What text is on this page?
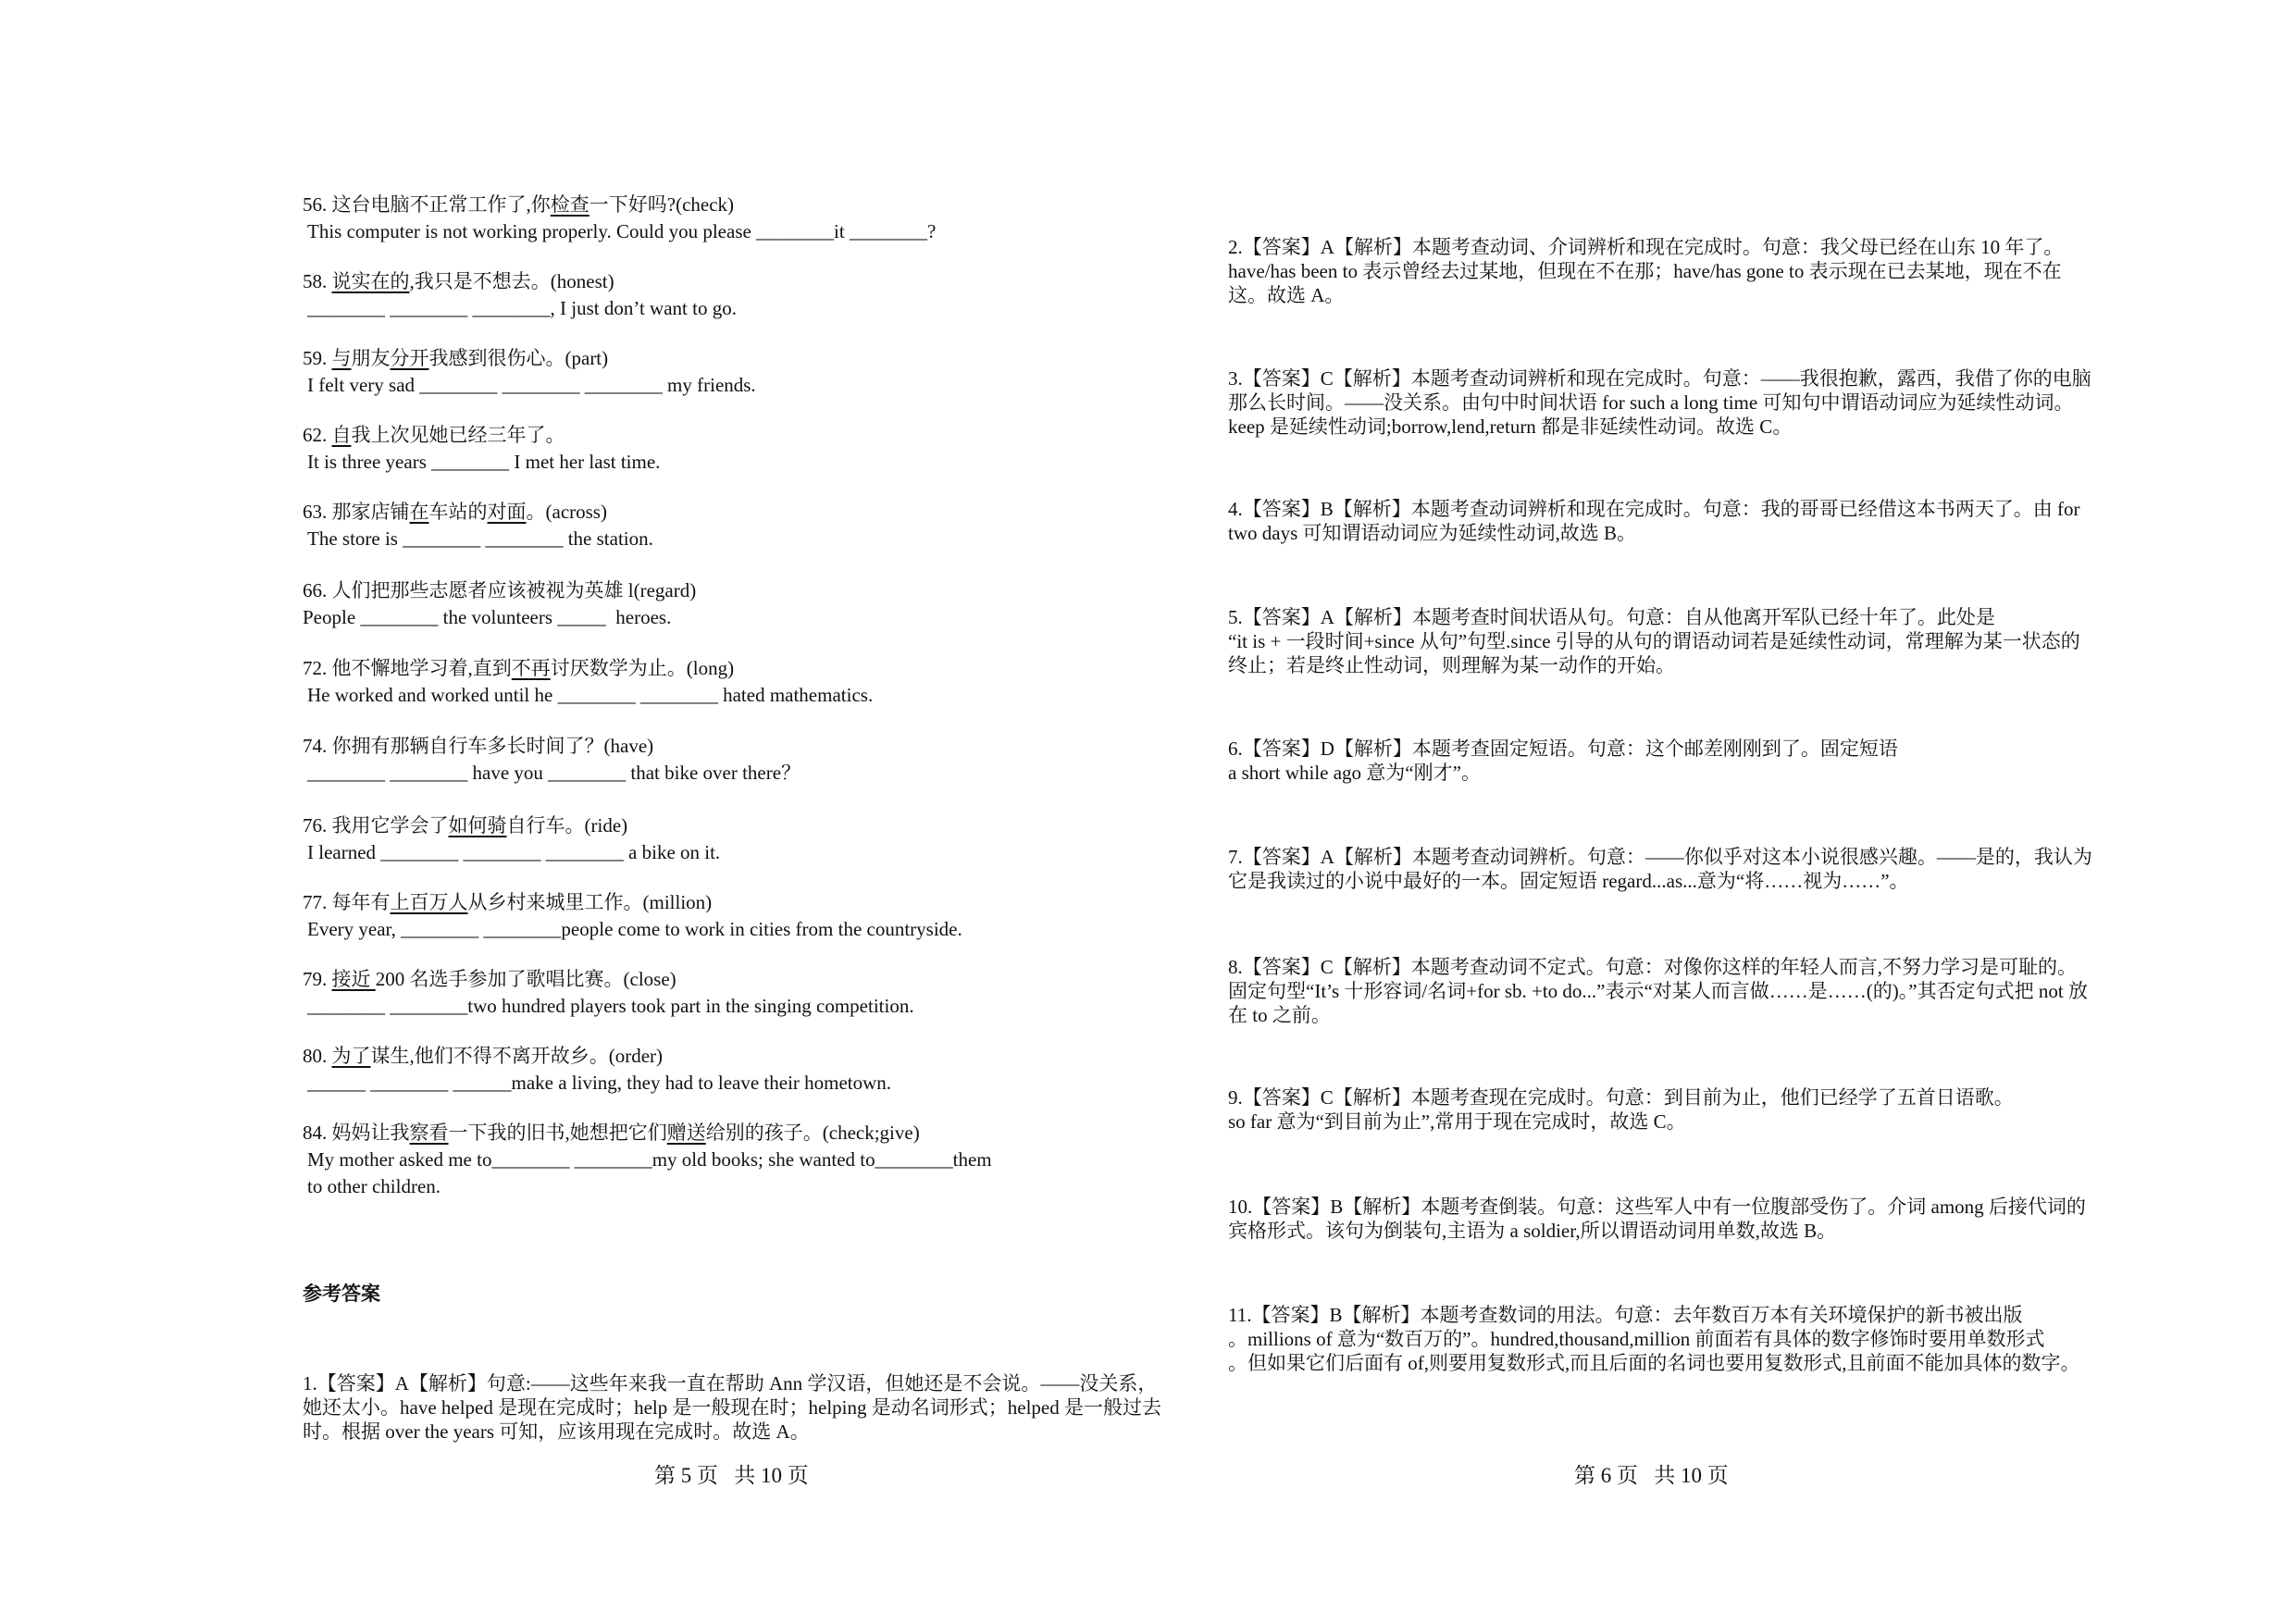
56. 这台电脑不正常工作了,你检查一下好吗?(check)
This computer is not working properly. Could you please ________it ________?
58. 说实在的,我只是不想去。(honest)
________ ________ ________, I just don’t want to go.
59. 与朋友分开我感到很伤心。(part)
I felt very sad ________ ________ ________ my friends.
62. 自我上次见她已经三年了。
It is three years ________ I met her last time.
63. 那家店铺在车站的对面。(across)
The store is ________ ________ the station.
66. 人们把那些志愿者应该被视为英雄 l(regard)
People ________ the volunteers _____  heroes.
72. 他不懈地学习着,直到不再讨厌数学为止。(long)
He worked and worked until he ________ ________ hated mathematics.
74. 你拥有那辆自行车多长时间了？(have)
________ ________ have you ________ that bike over there？
76. 我用它学会了如何骑自行车。(ride)
I learned ________ ________ ________ a bike on it.
77. 每年有上百万人从乡村来城里工作。(million)
Every year, ________ ________people come to work in cities from the countryside.
79. 接近 200 名选手参加了歌唱比赛。(close)
________ ________two hundred players took part in the singing competition.
80. 为了谋生,他们不得不离开故乡。(order)
______ ________ ______make a living, they had to leave their hometown.
84. 妈妈让我察看一下我的旧书,她想把它们赠送给别的孩子。(check;give)
My mother asked me to________ ________my old books; she wanted to________them
to other children.
参考答案
1.【答案】A【解析】句意:——这些年来我一直在帮助 Ann 学汉语，但她还是不会说。——没关系，她还太小。have helped 是现在完成时；help 是一般现在时；helping 是动名词形式；helped 是一般过去时。根据 over the years 可知，应该用现在完成时。故选 A。
第 5 页   共 10 页
2.【答案】A【解析】本题考查动词、介词辨析和现在完成时。句意：我父母已经在山东 10 年了。have/has been to 表示曾经去过某地，但现在不在那；have/has gone to 表示现在已去某地，现在不在这。故选 A。
3.【答案】C【解析】本题考查动词辨析和现在完成时。句意：——我很抱歉，露西，我借了你的电脑那么长时间。——没关系。由句中时间状语 for such a long time 可知句中谓语动词应为延续性动词。keep 是延续性动词;borrow,lend,return 都是非延续性动词。故选 C。
4.【答案】B【解析】本题考查动词辨析和现在完成时。句意：我的哥哥已经借这本书两天了。由 for two days 可知谓语动词应为延续性动词,故选 B。
5.【答案】A【解析】本题考查时间状语从句。句意：自从他离开军队已经十年了。此处是
“it is + 一段时间+since 从句”句型.since 引导的从句的谓语动词若是延续性动词，常理解为某一状态的终止；若是终止性动词，则理解为某一动作的开始。
6.【答案】D【解析】本题考查固定短语。句意：这个邮差刚刚到了。固定短语
a short while ago 意为“刚才”。
7.【答案】A【解析】本题考查动词辨析。句意：——你似乎对这本小说很感兴趣。——是的，我认为它是我读过的小说中最好的一本。固定短语 regard...as...意为“将……视为……”。
8.【答案】C【解析】本题考查动词不定式。句意：对像你这样的年轻人而言,不努力学习是可耻的。固定句型“It’s 十形容词/名词+for sb. +to do...”表示“对某人而言做……是……(的)。”其否定句式把 not 放在 to 之前。
9.【答案】C【解析】本题考查现在完成时。句意：到目前为止，他们已经学了五首日语歌。
so far 意为“到目前为止”,常用于现在完成时，故选 C。
10.【答案】B【解析】本题考查倒装。句意：这些军人中有一位腹部受伤了。介词 among 后接代词的宾格形式。该句为倒装句,主语为 a soldier,所以谓语动词用单数,故选 B。
11.【答案】B【解析】本题考查数词的用法。句意：去年数百万本有关环境保护的新书被出版
。millions of 意为“数百万的”。hundred,thousand,million 前面若有具体的数字修饰时要用单数形式
。但如果它们后面有 of,则要用复数形式,而且后面的名词也要用复数形式,且前面不能加具体的数字。
第 6 页   共 10 页
